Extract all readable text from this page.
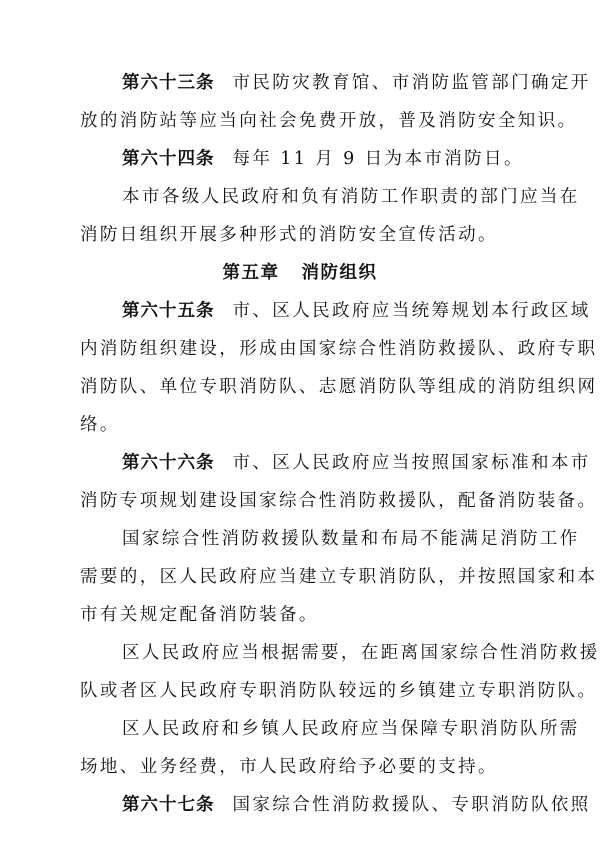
第六十三条 市民防灾教育馆、市消防监管部门确定开
放的消防站等应当向社会免费开放，普及消防安全知识。
第六十四条 每年 11 月 9 日为本市消防日。
本市各级人民政府和负有消防工作职责的部门应当在
消防日组织开展多种形式的消防安全宣传活动。
第五章 消防组织
第六十五条 市、区人民政府应当统筹规划本行政区域
内消防组织建设，形成由国家综合性消防救援队、政府专职
消防队、单位专职消防队、志愿消防队等组成的消防组织网
络。
第六十六条 市、区人民政府应当按照国家标准和本市
消防专项规划建设国家综合性消防救援队，配备消防装备。
国家综合性消防救援队数量和布局不能满足消防工作
需要的，区人民政府应当建立专职消防队，并按照国家和本
市有关规定配备消防装备。
区人民政府应当根据需要，在距离国家综合性消防救援
队或者区人民政府专职消防队较远的乡镇建立专职消防队。
区人民政府和乡镇人民政府应当保障专职消防队所需
场地、业务经费，市人民政府给予必要的支持。
第六十七条 国家综合性消防救援队、专职消防队依照
